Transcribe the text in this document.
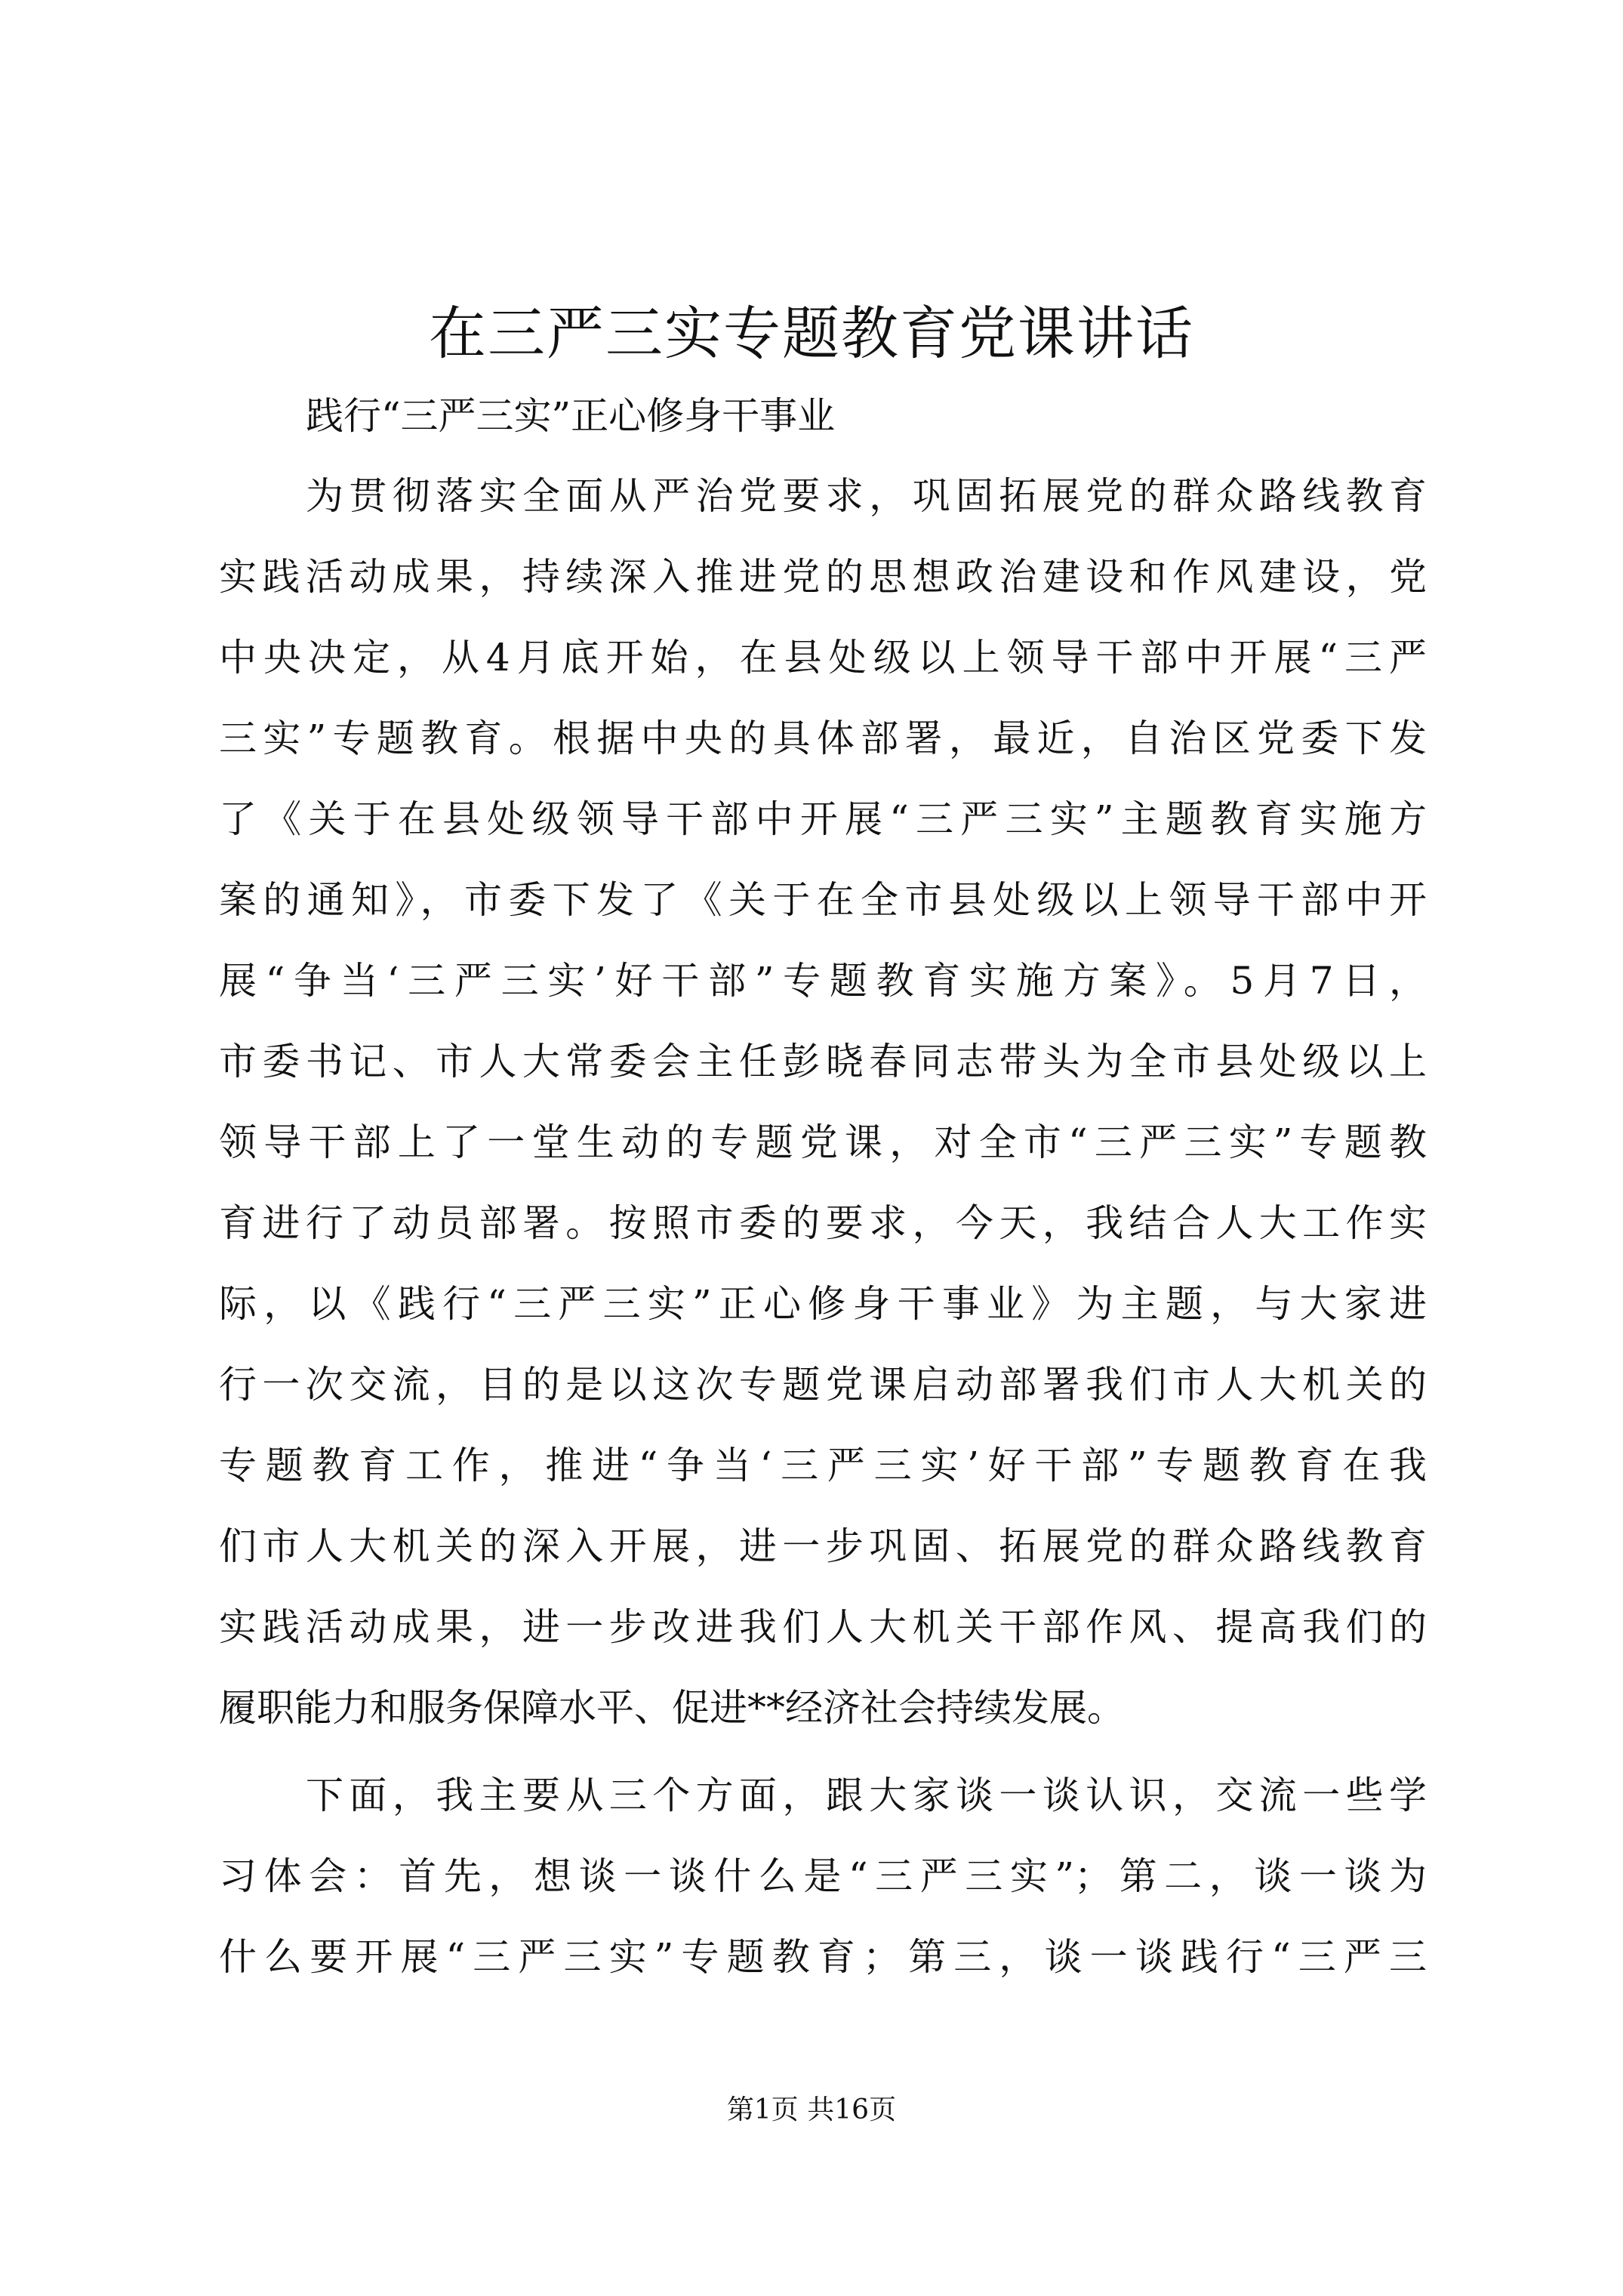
在三严三实专题教育党课讲话

践行“三严三实”正心修身干事业

为贯彻落实全面从严治党要求，巩固拓展党的群众路线教育

实践活动成果，持续深入推进党的思想政治建设和作风建设，党

中央决定，从4月底开始，在县处级以上领导干部中开展“三严

三实”专题教育。根据中央的具体部署，最近，自治区党委下发

了《关于在县处级领导干部中开展“三严三实”主题教育实施方

案的通知》，市委下发了《关于在全市县处级以上领导干部中开

展“争当‘三严三实’好干部”专题教育实施方案》。5月7日，

市委书记、市人大常委会主任彭晓春同志带头为全市县处级以上

领导干部上了一堂生动的专题党课，对全市“三严三实”专题教

育进行了动员部署。按照市委的要求，今天，我结合人大工作实

际，以《践行“三严三实”正心修身干事业》为主题，与大家进

行一次交流，目的是以这次专题党课启动部署我们市人大机关的

专题教育工作，推进“争当‘三严三实’好干部”专题教育在我

们市人大机关的深入开展，进一步巩固、拓展党的群众路线教育

实践活动成果，进一步改进我们人大机关干部作风、提高我们的

履职能力和服务保障水平、促进**经济社会持续发展。

下面，我主要从三个方面，跟大家谈一谈认识，交流一些学

习体会：首先，想谈一谈什么是“三严三实”；第二，谈一谈为

什么要开展“三严三实”专题教育；第三，谈一谈践行“三严三

第1页 共16页
